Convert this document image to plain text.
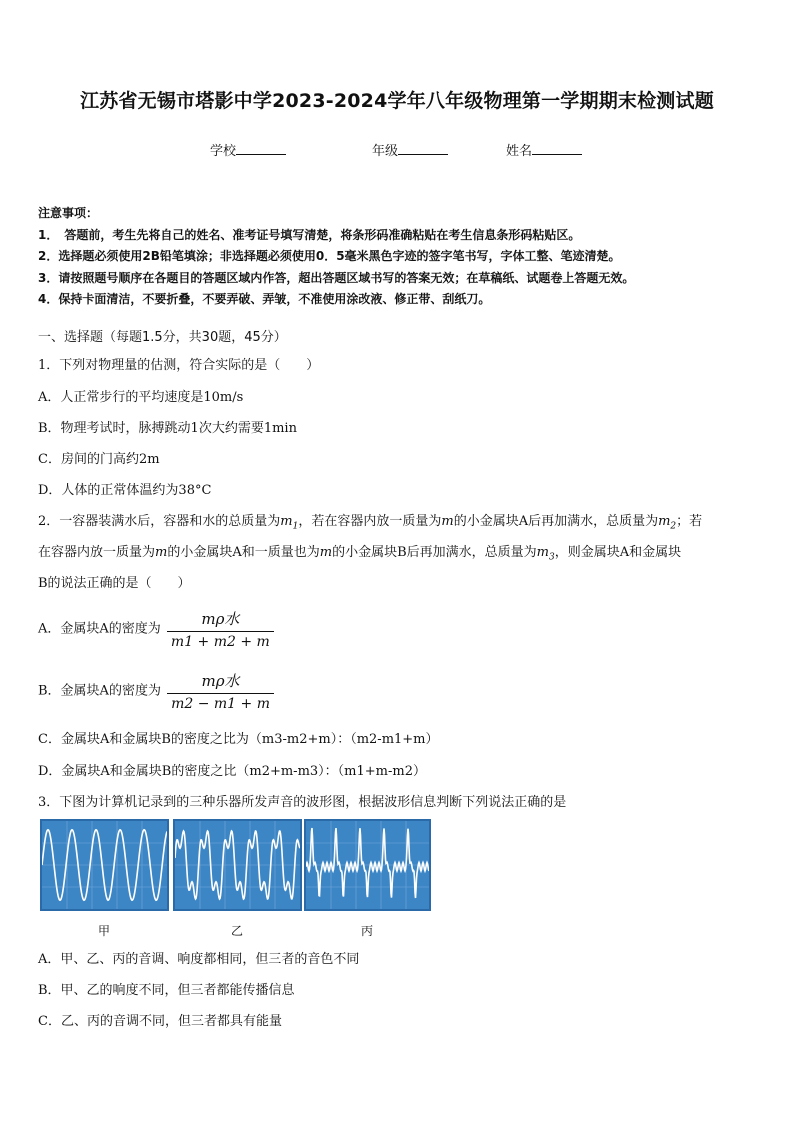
江苏省无锡市塔影中学2023-2024学年八年级物理第一学期期末检测试题
学校	年级	姓名
注意事项：
1．　答题前，考生先将自己的姓名、准考证号填写清楚，将条形码准确粘贴在考生信息条形码粘贴区。
2．选择题必须使用2B铅笔填涂；非选择题必须使用0．5毫米黑色字迹的签字笔书写，字体工整、笔迹清楚。
3．请按照题号顺序在各题目的答题区域内作答，超出答题区域书写的答案无效；在草稿纸、试题卷上答题无效。
4．保持卡面清洁，不要折叠，不要弄破、弄皱，不准使用涂改液、修正带、刮纸刀。
一、选择题（每题1.5分，共30题，45分）
1．下列对物理量的估测，符合实际的是（　　）
A．人正常步行的平均速度是10m/s
B．物理考试时，脉搏跳动1次大约需要1min
C．房间的门高约2m
D．人体的正常体温约为38°C
2．一容器装满水后，容器和水的总质量为$m_1$，若在容器内放一质量为m的小金属块A后再加满水，总质量为$m_2$；若
在容器内放一质量为m的小金属块A和一质量也为m的小金属块B后再加满水，总质量为$m_3$，则金属块A和金属块
B的说法正确的是（　　）
A．金属块A的密度为 $\frac{\text{mρ水}}{m1 + m2 + m}$
B．金属块A的密度为 $\frac{\text{mρ水}}{m2 - m1 + m}$
C．金属块A和金属块B的密度之比为（m3-m2+m）：（m2-m1+m）
D．金属块A和金属块B的密度之比（m2+m-m3）：（m1+m-m2）
3．下图为计算机记录到的三种乐器所发声音的波形图，根据波形信息判断下列说法正确的是
甲	乙	丙
A．甲、乙、丙的音调、响度都相同，但三者的音色不同
B．甲、乙的响度不同，但三者都能传播信息
C．乙、丙的音调不同，但三者都具有能量
